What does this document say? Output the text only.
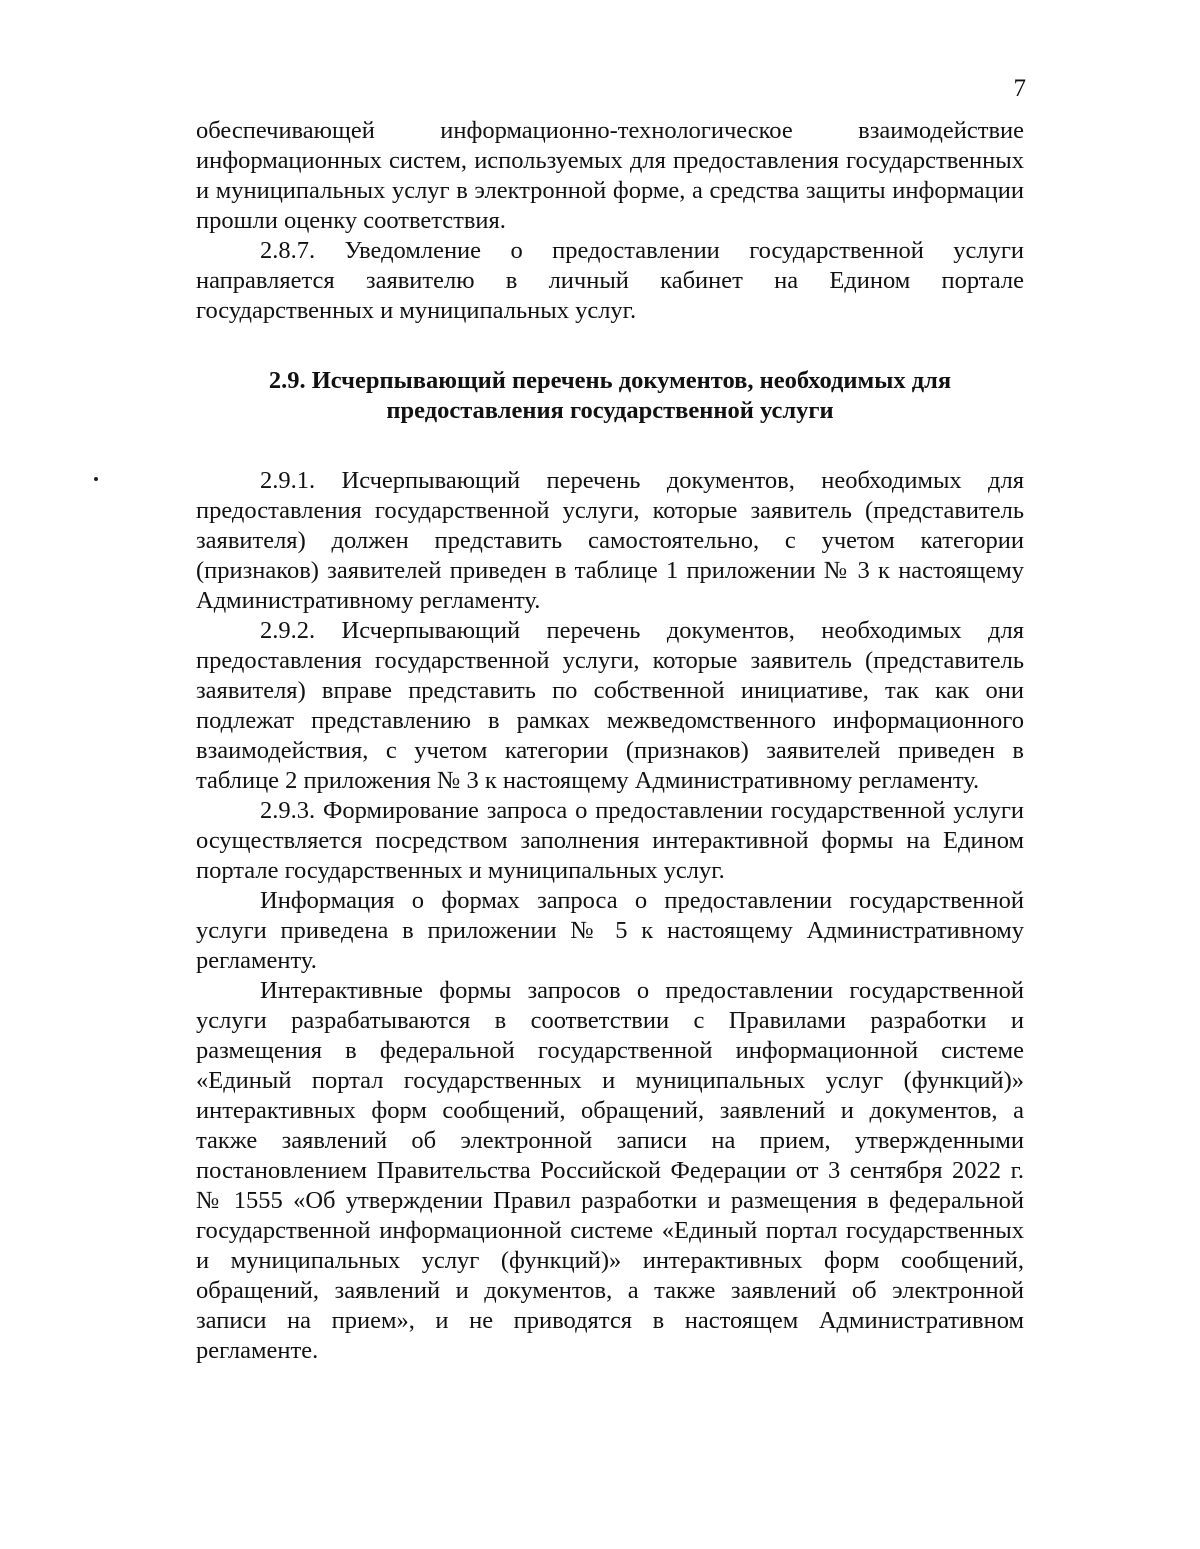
7

обеспечивающей информационно-технологическое взаимодействие информационных систем, используемых для предоставления государственных и муниципальных услуг в электронной форме, а средства защиты информации прошли оценку соответствия.

2.8.7. Уведомление о предоставлении государственной услуги направляется заявителю в личный кабинет на Едином портале государственных и муниципальных услуг.

2.9. Исчерпывающий перечень документов, необходимых для
предоставления государственной услуги

2.9.1. Исчерпывающий перечень документов, необходимых для предоставления государственной услуги, которые заявитель (представитель заявителя) должен представить самостоятельно, с учетом категории (признаков) заявителей приведен в таблице 1 приложении № 3 к настоящему Административному регламенту.

2.9.2. Исчерпывающий перечень документов, необходимых для предоставления государственной услуги, которые заявитель (представитель заявителя) вправе представить по собственной инициативе, так как они подлежат представлению в рамках межведомственного информационного взаимодействия, с учетом категории (признаков) заявителей приведен в таблице 2 приложения № 3 к настоящему Административному регламенту.

2.9.3. Формирование запроса о предоставлении государственной услуги осуществляется посредством заполнения интерактивной формы на Едином портале государственных и муниципальных услуг.

Информация о формах запроса о предоставлении государственной услуги приведена в приложении № 5 к настоящему Административному регламенту.

Интерактивные формы запросов о предоставлении государственной услуги разрабатываются в соответствии с Правилами разработки и размещения в федеральной государственной информационной системе «Единый портал государственных и муниципальных услуг (функций)» интерактивных форм сообщений, обращений, заявлений и документов, а также заявлений об электронной записи на прием, утвержденными постановлением Правительства Российской Федерации от 3 сентября 2022 г. № 1555 «Об утверждении Правил разработки и размещения в федеральной государственной информационной системе «Единый портал государственных и муниципальных услуг (функций)» интерактивных форм сообщений, обращений, заявлений и документов, а также заявлений об электронной записи на прием», и не приводятся в настоящем Административном регламенте.
